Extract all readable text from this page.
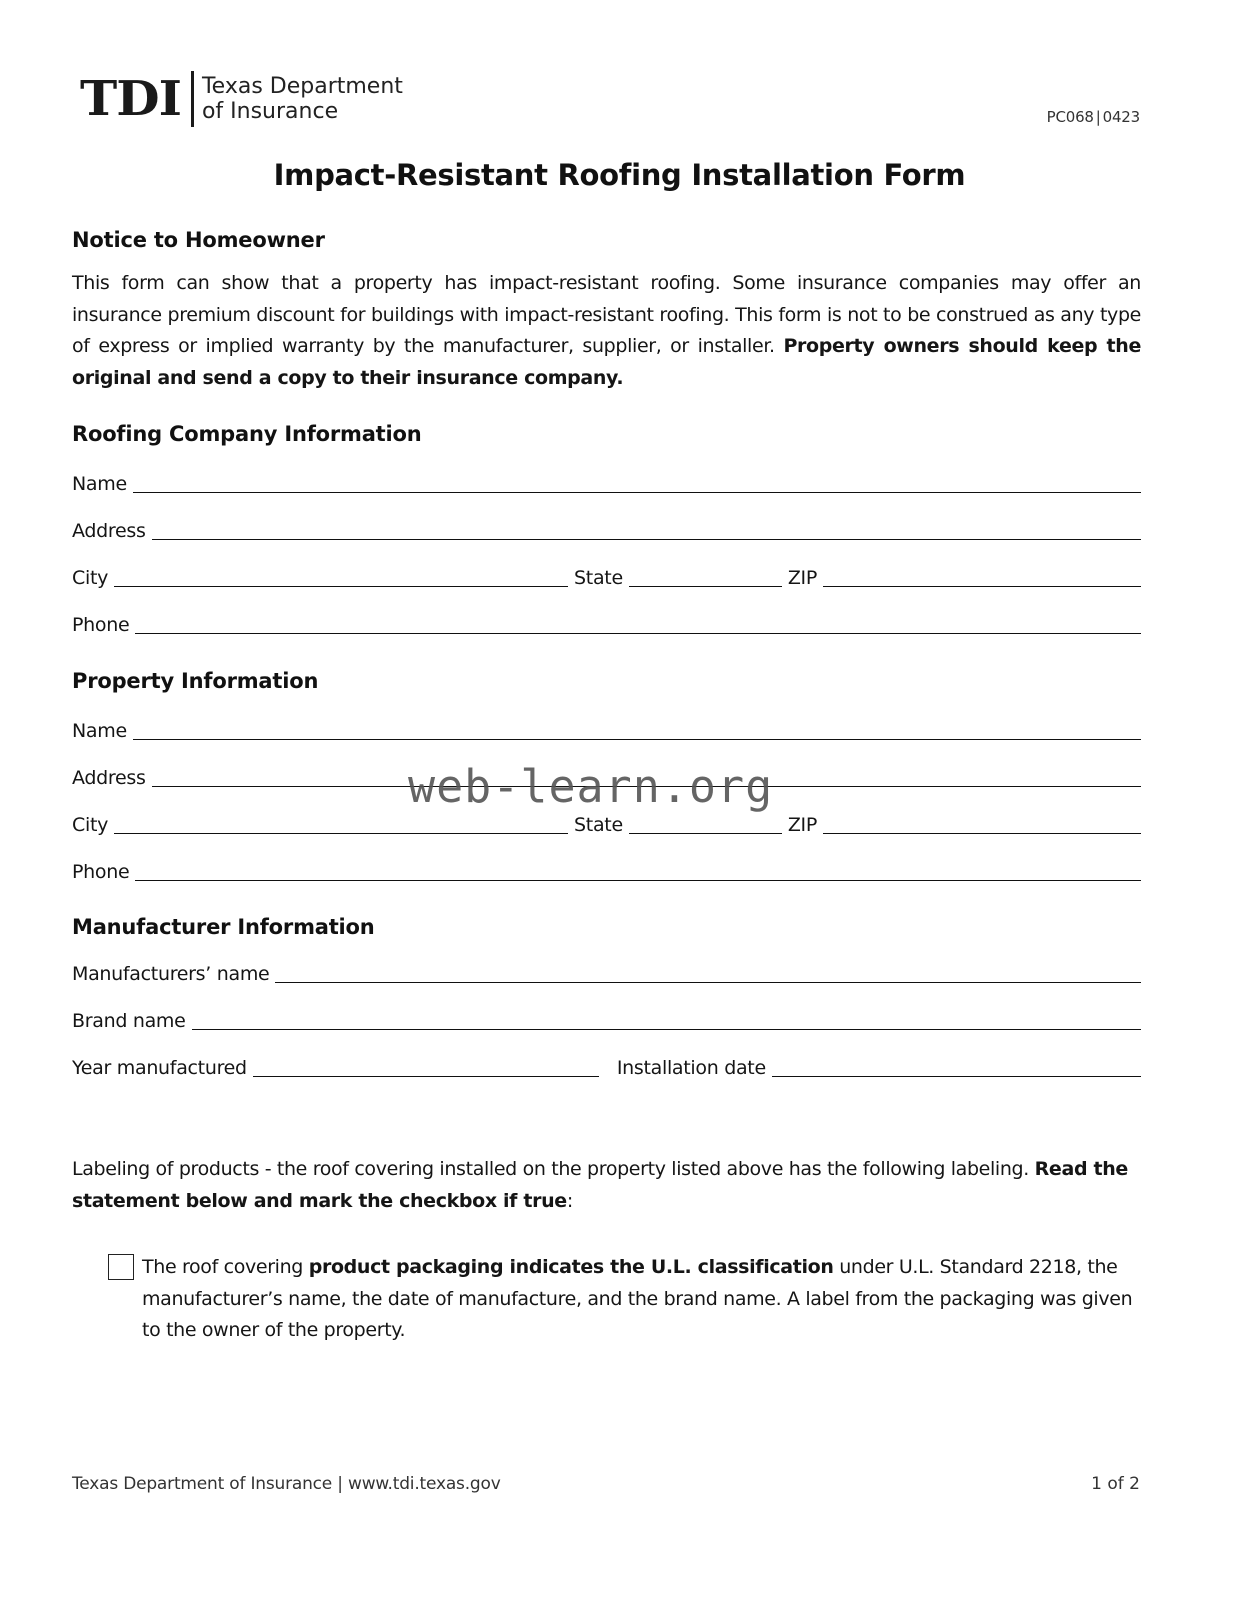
TDI Texas Department
of Insurance	PC068 | 0423
Impact-Resistant Roofing Installation Form
Notice to Homeowner

This form can show that a property has impact-resistant roofing. Some insurance companies may offer an insurance premium discount for buildings with impact-resistant roofing. This form is not to be construed as any type of express or implied warranty by the manufacturer, supplier, or installer. Property owners should keep the original and send a copy to their insurance company.

Roofing Company Information
Name
Address
City	State	ZIP
Phone
Property Information
Name
Address
City	State	ZIP
Phone
web-learn.org
Manufacturer Information
Manufacturers’ name
Brand name
Year manufactured	Installation date

Labeling of products - the roof covering installed on the property listed above has the following labeling. Read the statement below and mark the checkbox if true:

The roof covering product packaging indicates the U.L. classification under U.L. Standard 2218, the manufacturer’s name, the date of manufacture, and the brand name. A label from the packaging was given to the owner of the property.

Texas Department of Insurance | www.tdi.texas.gov	1 of 2
